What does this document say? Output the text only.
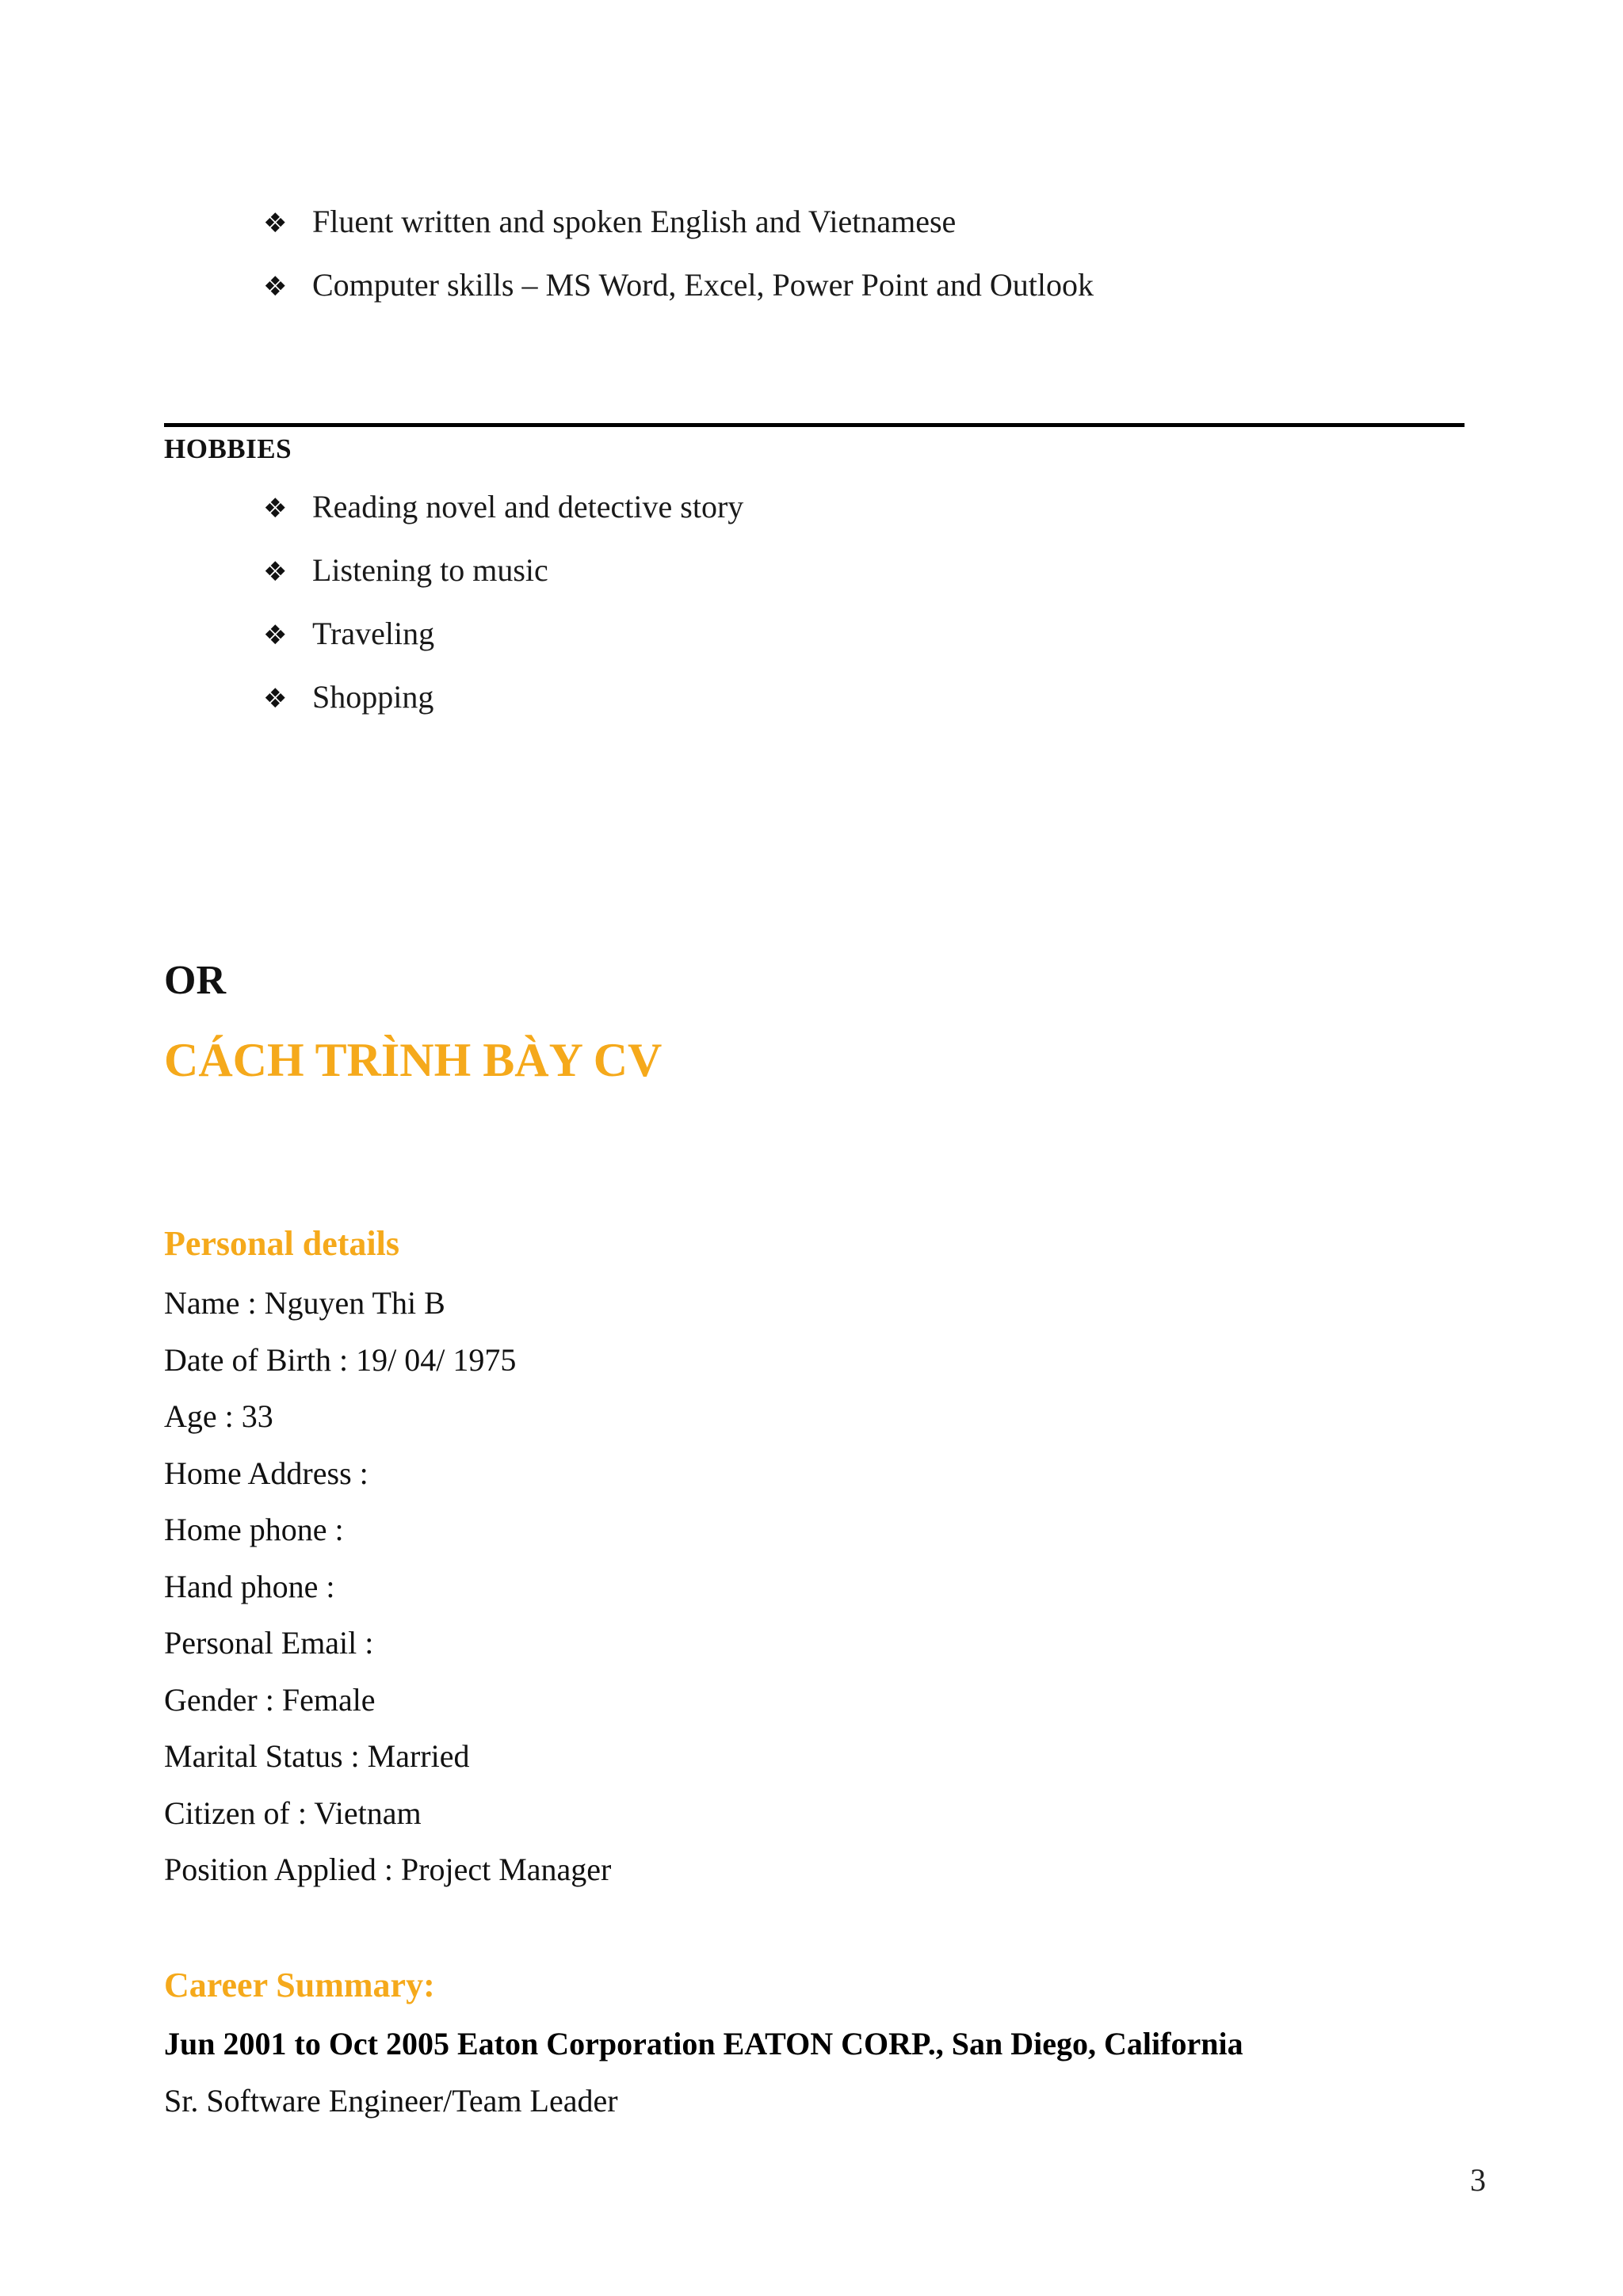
❖ Fluent written and spoken English and Vietnamese
❖ Computer skills – MS Word, Excel, Power Point and Outlook
HOBBIES
❖ Reading novel and detective story
❖ Listening to music
❖ Traveling
❖ Shopping
OR
CÁCH TRÌNH BÀY CV
Personal details
Name : Nguyen Thi B
Date of Birth : 19/ 04/ 1975
Age : 33
Home Address :
Home phone :
Hand phone :
Personal Email :
Gender : Female
Marital Status : Married
Citizen of : Vietnam
Position Applied : Project Manager
Career Summary:
Jun 2001 to Oct 2005 Eaton Corporation EATON CORP., San Diego, California
Sr. Software Engineer/Team Leader
3
